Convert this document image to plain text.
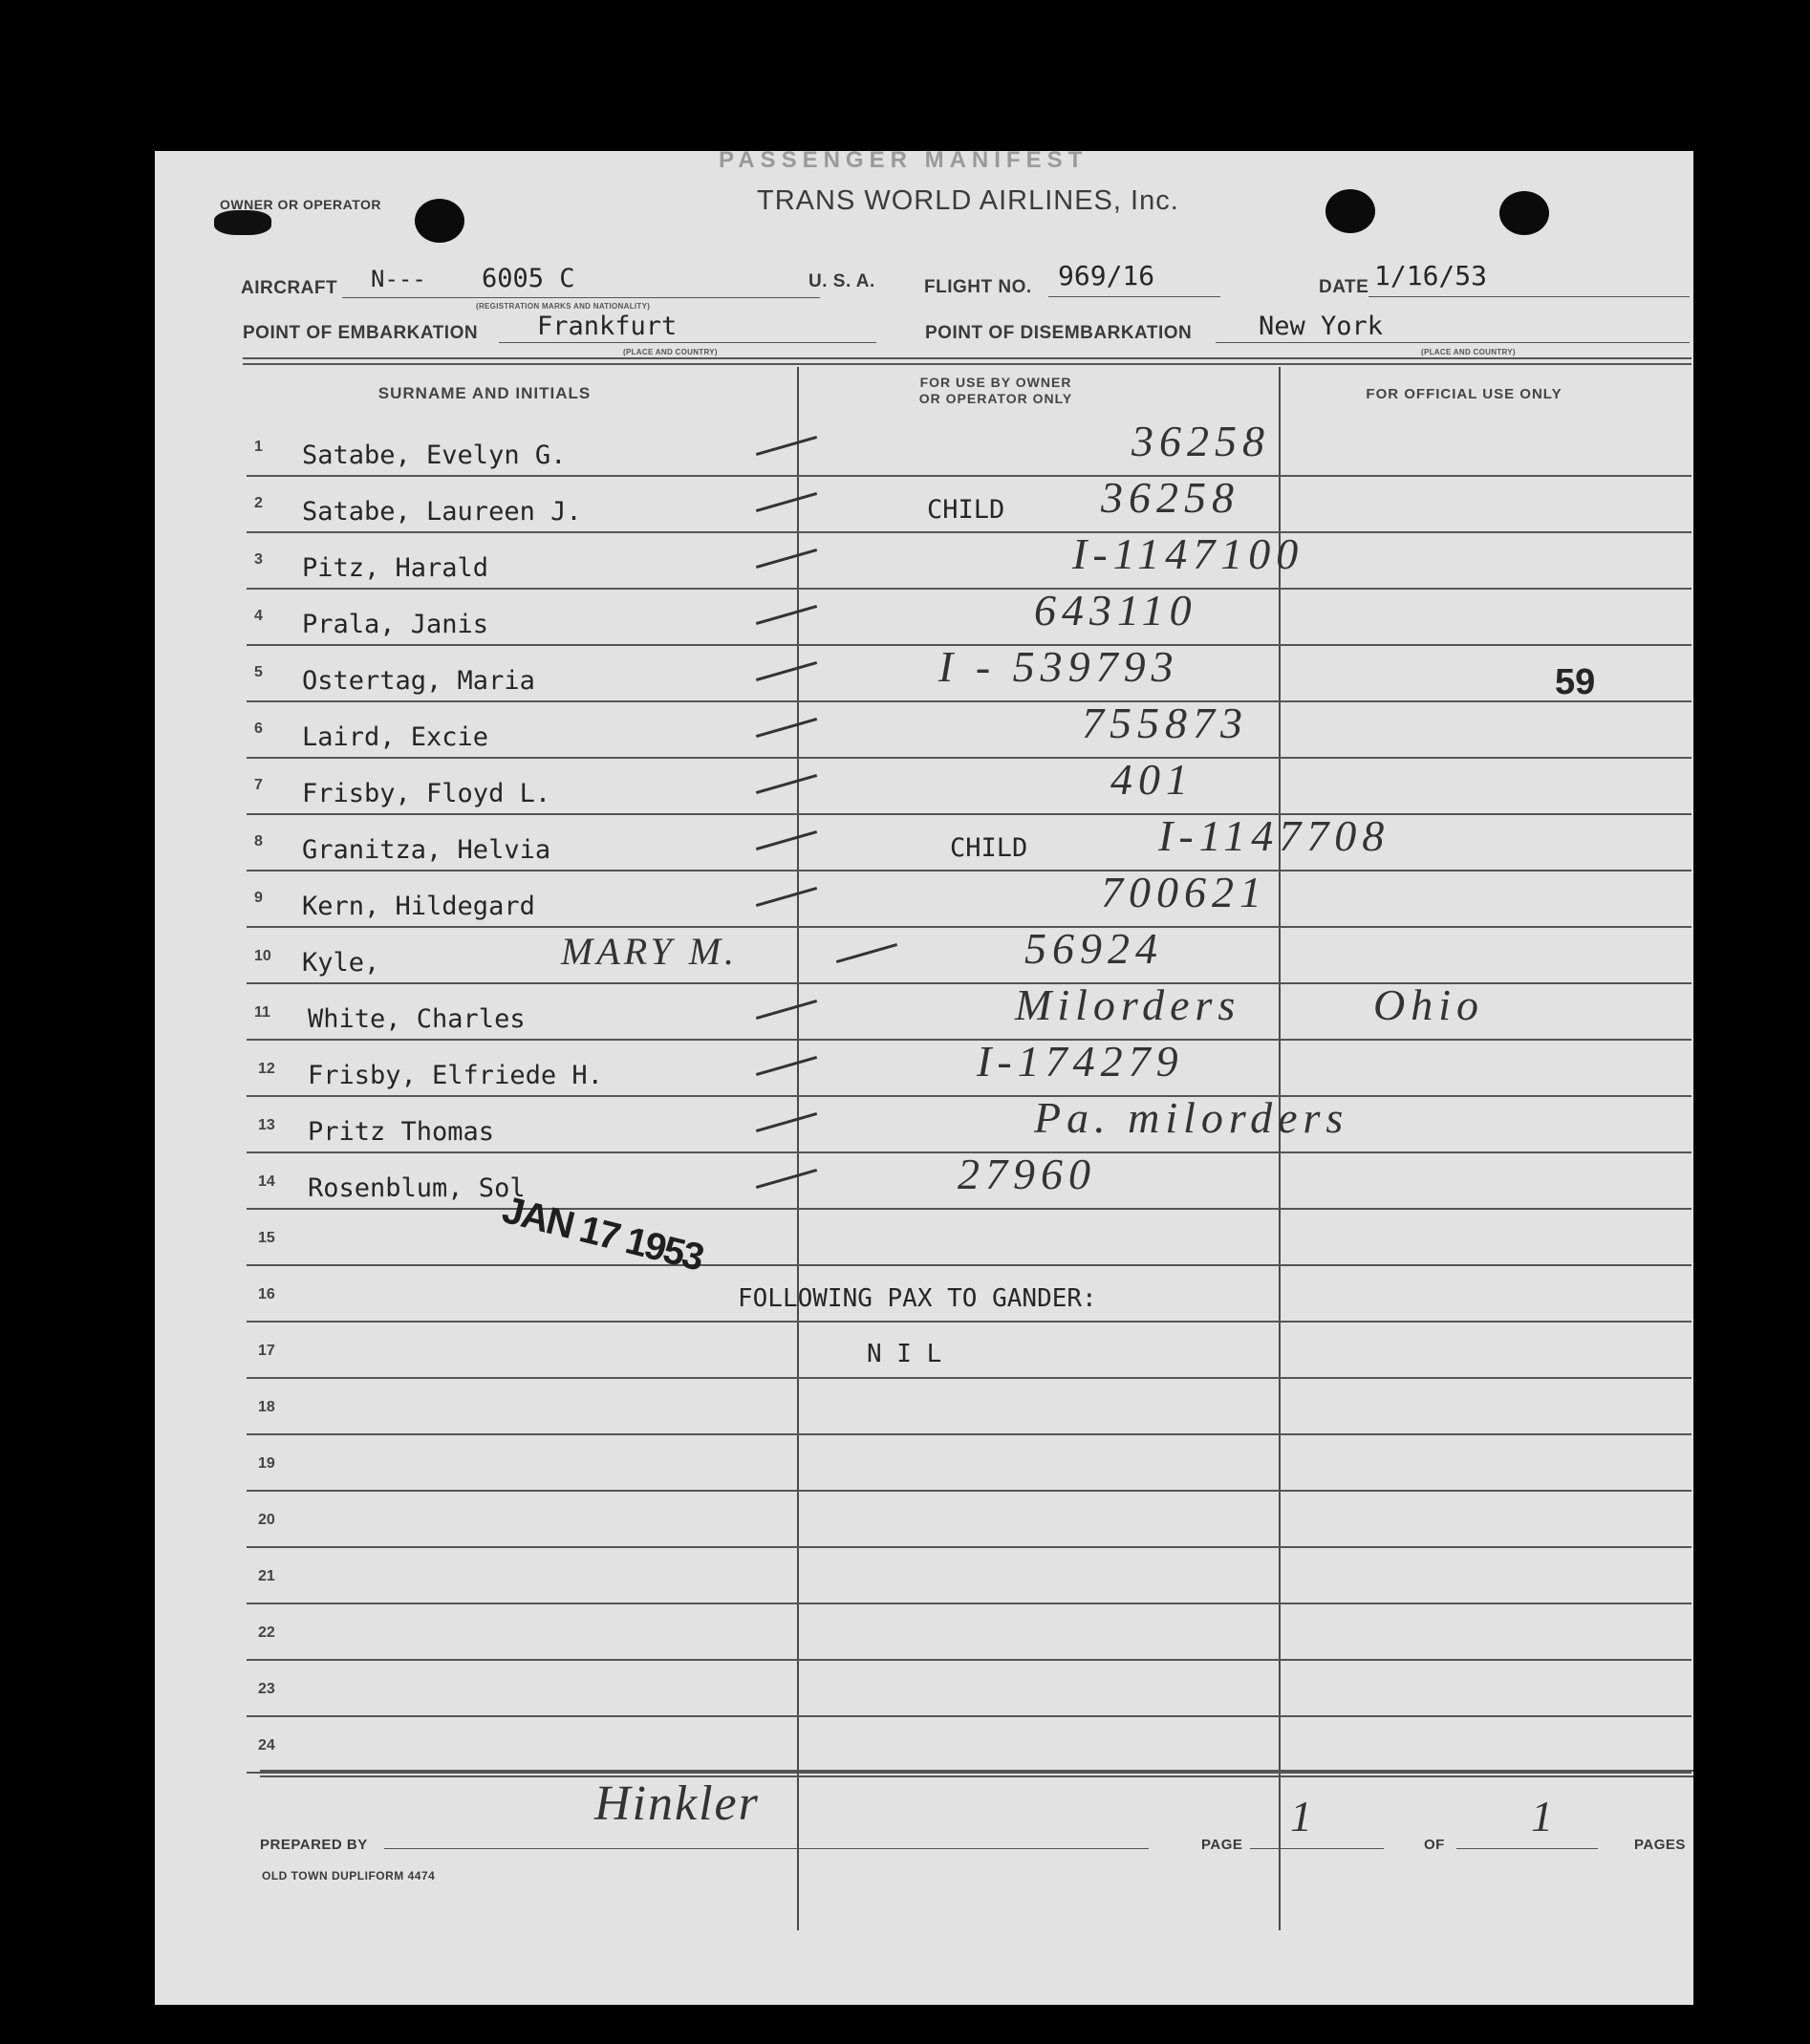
PASSENGER MANIFEST
OWNER OR OPERATOR	TRANS WORLD AIRLINES, Inc.
AIRCRAFT N--- 6005 C
(REGISTRATION MARKS AND NATIONALITY)
U. S. A.	FLIGHT NO. 969/16	DATE 1/16/53
POINT OF EMBARKATION Frankfurt
(PLACE AND COUNTRY)
POINT OF DISEMBARKATION	New York
(PLACE AND COUNTRY)
SURNAME AND INITIALS
FOR USE BY OWNER
OR OPERATOR ONLY	FOR OFFICIAL USE ONLY
1 Satabe, Evelyn G.	36258
2 Satabe, Laureen J.	CHILD 36258
3 Pitz, Harald	I-1147100
4 Prala, Janis	643110
5 Ostertag, Maria	I - 539793	59
6 Laird, Excie	755873
7 Frisby, Floyd L.	401
8 Granitza, Helvia	CHILD	I-1147708
9 Kern, Hildegard	700621
10 Kyle,	MARY M.	56924
11 White, Charles	Milorders	Ohio
12 Frisby, Elfriede H.	I-174279
13 Pritz Thomas	Pa. milorders
14 Rosenblum, Sol	27960
15
16
17
18
19
20
21
22
23
24
JAN 17 1953
FOLLOWING PAX TO GANDER:
N I L
PREPARED BY
Hinkler
PAGE
1
OF
1
PAGES
OLD TOWN DUPLIFORM 4474
